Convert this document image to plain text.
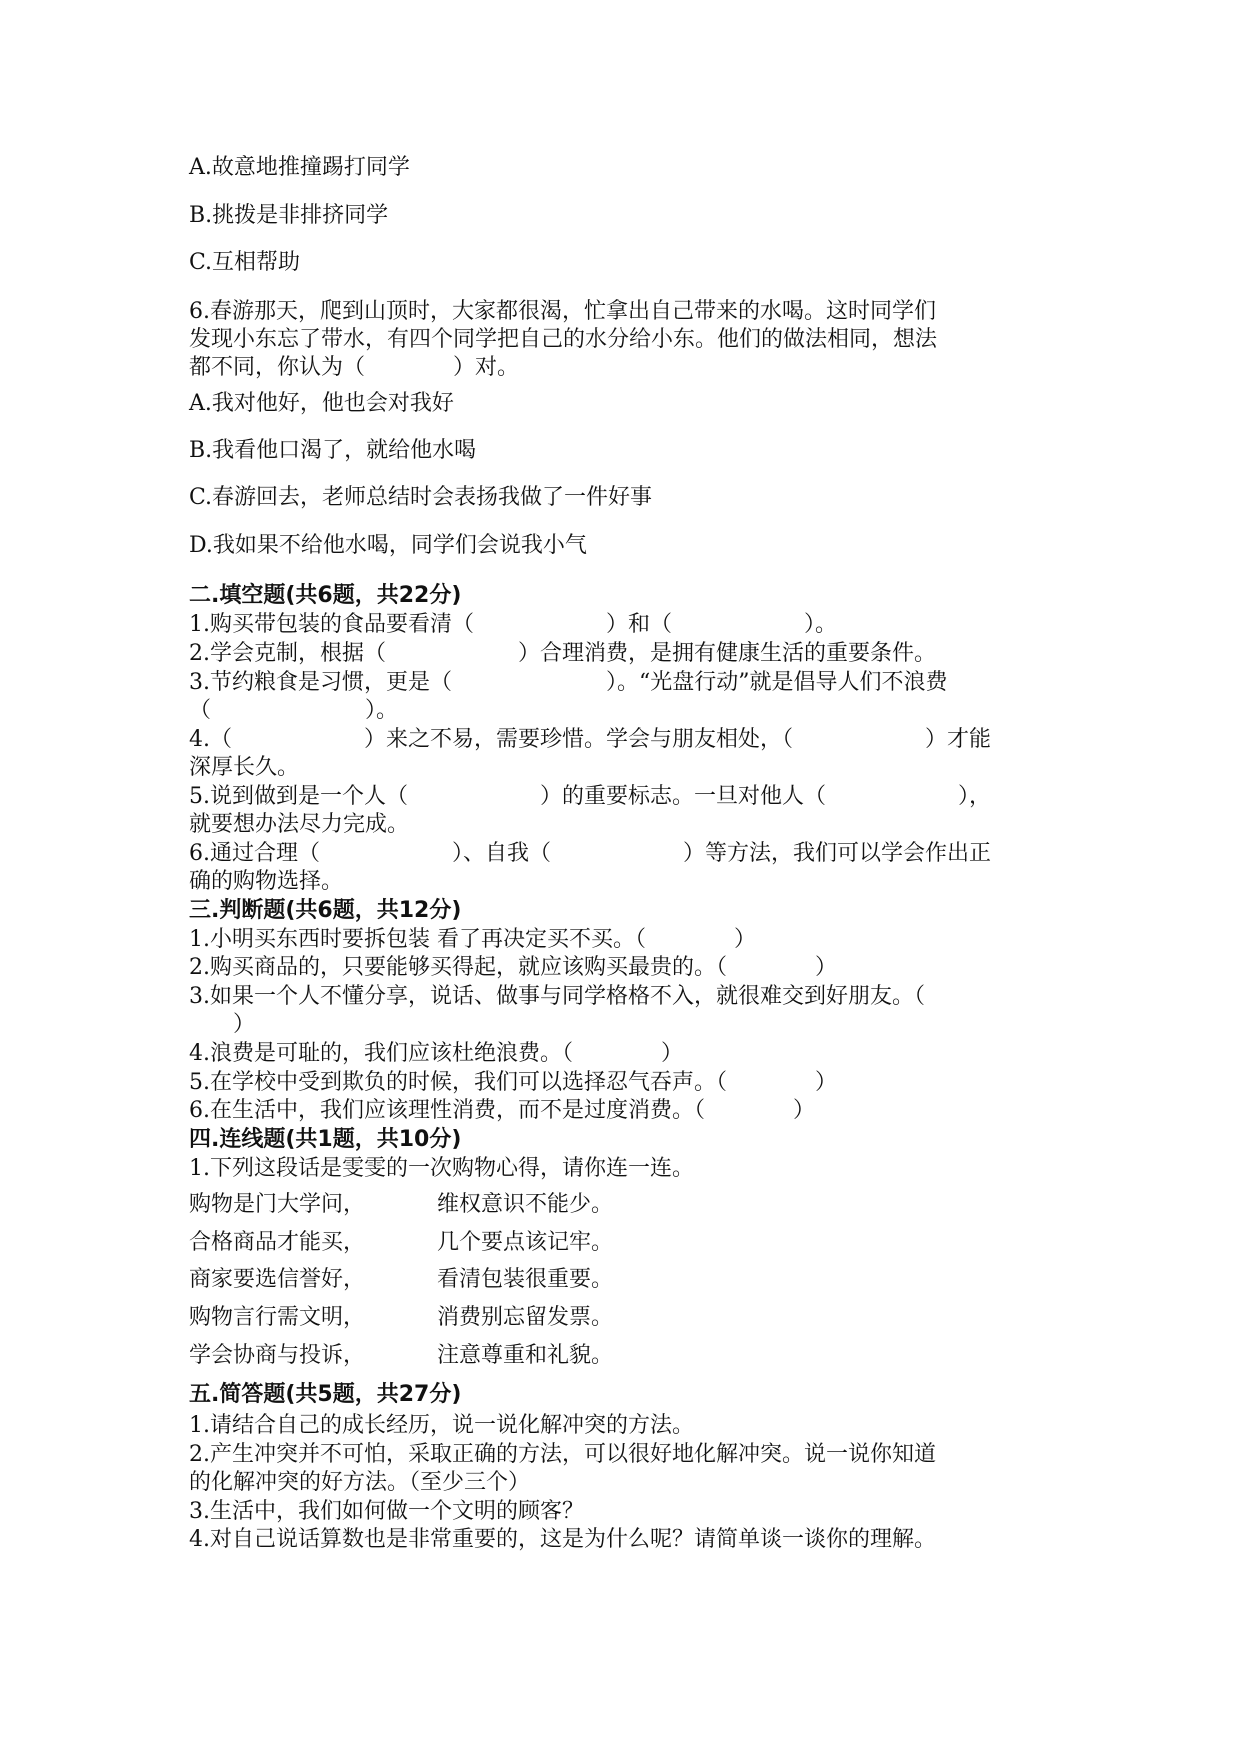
A.故意地推撞踢打同学
B.挑拨是非排挤同学
C.互相帮助
6.春游那天，爬到山顶时，大家都很渴，忙拿出自己带来的水喝。这时同学们
发现小东忘了带水，有四个同学把自己的水分给小东。他们的做法相同，想法
都不同，你认为（　　　　）对。
A.我对他好，他也会对我好
B.我看他口渴了，就给他水喝
C.春游回去，老师总结时会表扬我做了一件好事
D.我如果不给他水喝，同学们会说我小气
二.填空题(共6题，共22分)
1.购买带包装的食品要看清（　　　　　　）和（　　　　　　）。
2.学会克制，根据（　　　　　　）合理消费，是拥有健康生活的重要条件。
3.节约粮食是习惯，更是（　　　　　　　）。“光盘行动”就是倡导人们不浪费
（　　　　　　　）。
4.（　　　　　　）来之不易，需要珍惜。学会与朋友相处，（　　　　　　）才能
深厚长久。
5.说到做到是一个人（　　　　　　）的重要标志。一旦对他人（　　　　　　），
就要想办法尽力完成。
6.通过合理（　　　　　　）、自我（　　　　　　）等方法，我们可以学会作出正
确的购物选择。
三.判断题(共6题，共12分)
1.小明买东西时要拆包装 看了再决定买不买。（　　　　）
2.购买商品的，只要能够买得起，就应该购买最贵的。（　　　　）
3.如果一个人不懂分享，说话、做事与同学格格不入，就很难交到好朋友。（
　　）
4.浪费是可耻的，我们应该杜绝浪费。（　　　　）
5.在学校中受到欺负的时候，我们可以选择忍气吞声。（　　　　）
6.在生活中，我们应该理性消费，而不是过度消费。（　　　　）
四.连线题(共1题，共10分)
1.下列这段话是雯雯的一次购物心得，请你连一连。
购物是门大学问，
合格商品才能买，
商家要选信誉好，
购物言行需文明，
学会协商与投诉，
维权意识不能少。
几个要点该记牢。
看清包装很重要。
消费别忘留发票。
注意尊重和礼貌。
五.简答题(共5题，共27分)
1.请结合自己的成长经历，说一说化解冲突的方法。
2.产生冲突并不可怕，采取正确的方法，可以很好地化解冲突。说一说你知道
的化解冲突的好方法。（至少三个）
3.生活中，我们如何做一个文明的顾客？
4.对自己说话算数也是非常重要的，这是为什么呢？请简单谈一谈你的理解。
